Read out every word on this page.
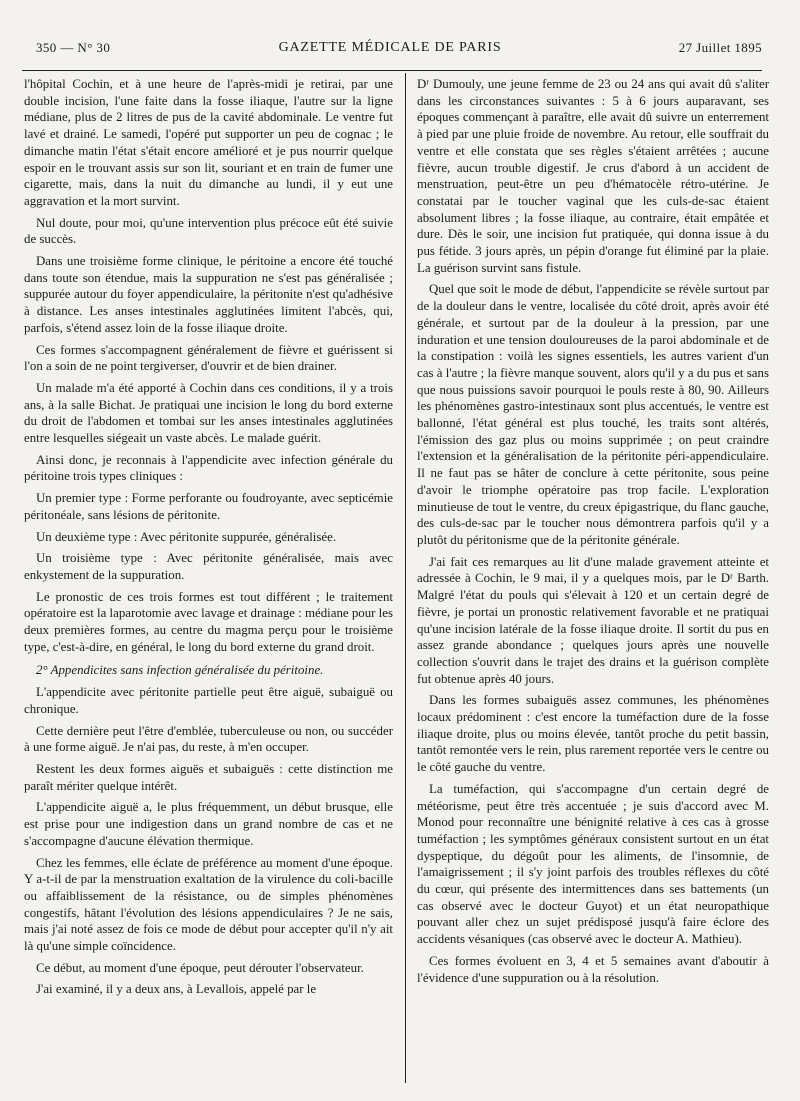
350 — N° 30	GAZETTE MÉDICALE DE PARIS	27 Juillet 1895

l'hôpital Cochin, et à une heure de l'après-midi je retirai, par une double incision, l'une faite dans la fosse iliaque, l'autre sur la ligne médiane, plus de 2 litres de pus de la cavité abdominale. Le ventre fut lavé et drainé. Le samedi, l'opéré put supporter un peu de cognac ; le dimanche matin l'état s'était encore amélioré et je pus nourrir quelque espoir en le trouvant assis sur son lit, souriant et en train de fumer une cigarette, mais, dans la nuit du dimanche au lundi, il y eut une aggravation et la mort survint.

Nul doute, pour moi, qu'une intervention plus précoce eût été suivie de succès.

Dans une troisième forme clinique, le péritoine a encore été touché dans toute son étendue, mais la suppuration ne s'est pas généralisée ; suppurée autour du foyer appendiculaire, la péritonite n'est qu'adhésive à distance. Les anses intestinales agglutinées limitent l'abcès, qui, parfois, s'étend assez loin de la fosse iliaque droite.

Ces formes s'accompagnent généralement de fièvre et guérissent si l'on a soin de ne point tergiverser, d'ouvrir et de bien drainer.

Un malade m'a été apporté à Cochin dans ces conditions, il y a trois ans, à la salle Bichat. Je pratiquai une incision le long du bord externe du droit de l'abdomen et tombai sur les anses intestinales agglutinées entre lesquelles siégeait un vaste abcès. Le malade guérit.

Ainsi donc, je reconnais à l'appendicite avec infection générale du péritoine trois types cliniques :

Un premier type : Forme perforante ou foudroyante, avec septicémie péritonéale, sans lésions de péritonite.

Un deuxième type : Avec péritonite suppurée, généralisée.

Un troisième type : Avec péritonite généralisée, mais avec enkystement de la suppuration.

Le pronostic de ces trois formes est tout différent ; le traitement opératoire est la laparotomie avec lavage et drainage : médiane pour les deux premières formes, au centre du magma perçu pour le troisième type, c'est-à-dire, en général, le long du bord externe du grand droit.

2° Appendicites sans infection généralisée du péritoine.

L'appendicite avec péritonite partielle peut être aiguë, subaiguë ou chronique.

Cette dernière peut l'être d'emblée, tuberculeuse ou non, ou succéder à une forme aiguë. Je n'ai pas, du reste, à m'en occuper.

Restent les deux formes aiguës et subaiguës : cette distinction me paraît mériter quelque intérêt.

L'appendicite aiguë a, le plus fréquemment, un début brusque, elle est prise pour une indigestion dans un grand nombre de cas et ne s'accompagne d'aucune élévation thermique.

Chez les femmes, elle éclate de préférence au moment d'une époque. Y a-t-il de par la menstruation exaltation de la virulence du coli-bacille ou affaiblissement de la résistance, ou de simples phénomènes congestifs, hâtant l'évolution des lésions appendiculaires ? Je ne sais, mais j'ai noté assez de fois ce mode de début pour accepter qu'il n'y ait là qu'une simple coïncidence.

Ce début, au moment d'une époque, peut dérouter l'observateur.

J'ai examiné, il y a deux ans, à Levallois, appelé par le

Dʳ Dumouly, une jeune femme de 23 ou 24 ans qui avait dû s'aliter dans les circonstances suivantes : 5 à 6 jours auparavant, ses époques commençant à paraître, elle avait dû suivre un enterrement à pied par une pluie froide de novembre. Au retour, elle souffrait du ventre et elle constata que ses règles s'étaient arrêtées ; aucune fièvre, aucun trouble digestif. Je crus d'abord à un accident de menstruation, peut-être un peu d'hématocèle rétro-utérine. Je constatai par le toucher vaginal que les culs-de-sac étaient absolument libres ; la fosse iliaque, au contraire, était empâtée et dure. Dès le soir, une incision fut pratiquée, qui donna issue à du pus fétide. 3 jours après, un pépin d'orange fut éliminé par la plaie. La guérison survint sans fistule.

Quel que soit le mode de début, l'appendicite se révèle surtout par de la douleur dans le ventre, localisée du côté droit, après avoir été générale, et surtout par de la douleur à la pression, par une induration et une tension douloureuses de la paroi abdominale et de la constipation : voilà les signes essentiels, les autres varient d'un cas à l'autre ; la fièvre manque souvent, alors qu'il y a du pus et sans que nous puissions savoir pourquoi le pouls reste à 80, 90. Ailleurs les phénomènes gastro-intestinaux sont plus accentués, le ventre est ballonné, l'état général est plus touché, les traits sont altérés, l'émission des gaz plus ou moins supprimée ; on peut craindre l'extension et la généralisation de la péritonite péri-appendiculaire. Il ne faut pas se hâter de conclure à cette péritonite, sous peine d'avoir le triomphe opératoire pas trop facile. L'exploration minutieuse de tout le ventre, du creux épigastrique, du flanc gauche, des culs-de-sac par le toucher nous démontrera parfois qu'il y a plutôt du péritonisme que de la péritonite générale.

J'ai fait ces remarques au lit d'une malade gravement atteinte et adressée à Cochin, le 9 mai, il y a quelques mois, par le Dʳ Barth. Malgré l'état du pouls qui s'élevait à 120 et un certain degré de fièvre, je portai un pronostic relativement favorable et ne pratiquai qu'une incision latérale de la fosse iliaque droite. Il sortit du pus en assez grande abondance ; quelques jours après une nouvelle collection s'ouvrit dans le trajet des drains et la guérison complète fut obtenue après 40 jours.

Dans les formes subaiguës assez communes, les phénomènes locaux prédominent : c'est encore la tuméfaction dure de la fosse iliaque droite, plus ou moins élevée, tantôt proche du petit bassin, tantôt remontée vers le rein, plus rarement reportée vers le centre ou le côté gauche du ventre.

La tuméfaction, qui s'accompagne d'un certain degré de météorisme, peut être très accentuée ; je suis d'accord avec M. Monod pour reconnaître une bénignité relative à ces cas à grosse tuméfaction ; les symptômes généraux consistent surtout en un état dyspeptique, du dégoût pour les aliments, de l'insomnie, de l'amaigrissement ; il s'y joint parfois des troubles réflexes du côté du cœur, qui présente des intermittences dans ses battements (un cas observé avec le docteur Guyot) et un état neuropathique pouvant aller chez un sujet prédisposé jusqu'à faire éclore des accidents vésaniques (cas observé avec le docteur A. Mathieu).

Ces formes évoluent en 3, 4 et 5 semaines avant d'aboutir à l'évidence d'une suppuration ou à la résolution.
